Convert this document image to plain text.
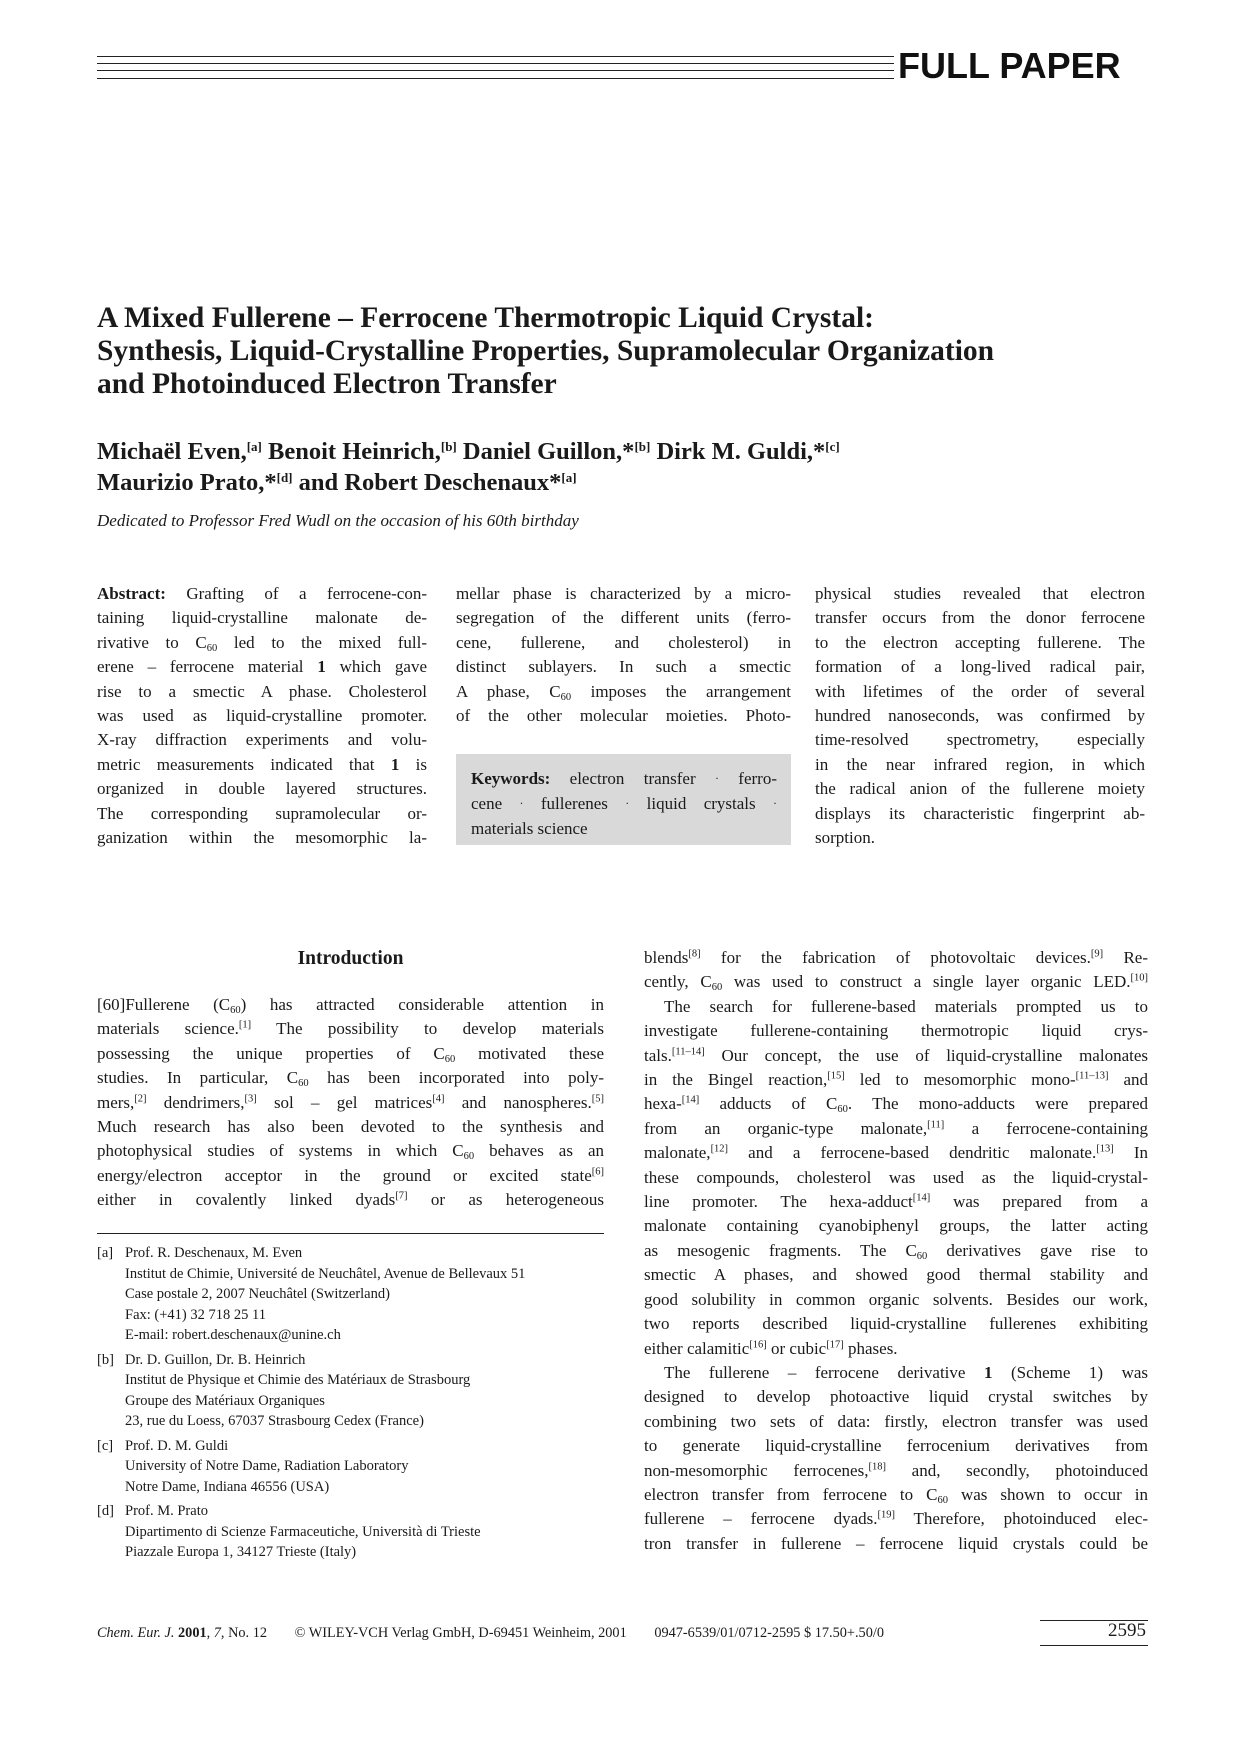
FULL PAPER
A Mixed Fullerene – Ferrocene Thermotropic Liquid Crystal:
Synthesis, Liquid-Crystalline Properties, Supramolecular Organization
and Photoinduced Electron Transfer
Michaël Even,[a] Benoit Heinrich,[b] Daniel Guillon,*[b] Dirk M. Guldi,*[c]
Maurizio Prato,*[d] and Robert Deschenaux*[a]
Dedicated to Professor Fred Wudl on the occasion of his 60th birthday
Abstract: Grafting of a ferrocene-con-
taining liquid-crystalline malonate de-
rivative to $C_{60}$ led to the mixed full-
erene – ferrocene material 1 which gave
rise to a smectic A phase. Cholesterol
was used as liquid-crystalline promoter.
X-ray diffraction experiments and volu-
metric measurements indicated that 1 is
organized in double layered structures.
The corresponding supramolecular or-
ganization within the mesomorphic la-
mellar phase is characterized by a micro-
segregation of the different units (ferro-
cene, fullerene, and cholesterol) in
distinct sublayers. In such a smectic
A phase, $C_{60}$ imposes the arrangement
of the other molecular moieties. Photo-
Keywords: electron transfer · ferro-
cene · fullerenes · liquid crystals ·
materials science
physical studies revealed that electron
transfer occurs from the donor ferrocene
to the electron accepting fullerene. The
formation of a long-lived radical pair,
with lifetimes of the order of several
hundred nanoseconds, was confirmed by
time-resolved spectrometry, especially
in the near infrared region, in which
the radical anion of the fullerene moiety
displays its characteristic fingerprint ab-
sorption.
Introduction
[60]Fullerene $(C_{60})$ has attracted considerable attention in
materials science.[1] The possibility to develop materials
possessing the unique properties of $C_{60}$ motivated these
studies. In particular, $C_{60}$ has been incorporated into poly-
mers,[2] dendrimers,[3] sol – gel matrices[4] and nanospheres.[5]
Much research has also been devoted to the synthesis and
photophysical studies of systems in which $C_{60}$ behaves as an
energy/electron acceptor in the ground or excited state[6]
either in covalently linked dyads[7] or as heterogeneous
[a] Prof. R. Deschenaux, M. Even
Institut de Chimie, Université de Neuchâtel, Avenue de Bellevaux 51
Case postale 2, 2007 Neuchâtel (Switzerland)
Fax: (+41) 32 718 25 11
E-mail: robert.deschenaux@unine.ch
[b] Dr. D. Guillon, Dr. B. Heinrich
Institut de Physique et Chimie des Matériaux de Strasbourg
Groupe des Matériaux Organiques
23, rue du Loess, 67037 Strasbourg Cedex (France)
[c] Prof. D. M. Guldi
University of Notre Dame, Radiation Laboratory
Notre Dame, Indiana 46556 (USA)
[d] Prof. M. Prato
Dipartimento di Scienze Farmaceutiche, Università di Trieste
Piazzale Europa 1, 34127 Trieste (Italy)
blends[8] for the fabrication of photovoltaic devices.[9] Re-
cently, $C_{60}$ was used to construct a single layer organic LED.[10]
The search for fullerene-based materials prompted us to
investigate fullerene-containing thermotropic liquid crys-
tals.[11–14] Our concept, the use of liquid-crystalline malonates
in the Bingel reaction,[15] led to mesomorphic mono-[11–13] and
hexa-[14] adducts of $C_{60}$. The mono-adducts were prepared
from an organic-type malonate,[11] a ferrocene-containing
malonate,[12] and a ferrocene-based dendritic malonate.[13] In
these compounds, cholesterol was used as the liquid-crystal-
line promoter. The hexa-adduct[14] was prepared from a
malonate containing cyanobiphenyl groups, the latter acting
as mesogenic fragments. The $C_{60}$ derivatives gave rise to
smectic A phases, and showed good thermal stability and
good solubility in common organic solvents. Besides our work,
two reports described liquid-crystalline fullerenes exhibiting
either calamitic[16] or cubic[17] phases.
The fullerene – ferrocene derivative 1 (Scheme 1) was
designed to develop photoactive liquid crystal switches by
combining two sets of data: firstly, electron transfer was used
to generate liquid-crystalline ferrocenium derivatives from
non-mesomorphic ferrocenes,[18] and, secondly, photoinduced
electron transfer from ferrocene to $C_{60}$ was shown to occur in
fullerene – ferrocene dyads.[19] Therefore, photoinduced elec-
tron transfer in fullerene – ferrocene liquid crystals could be
Chem. Eur. J. 2001, 7, No. 12 © WILEY-VCH Verlag GmbH, D-69451 Weinheim, 2001 0947-6539/01/0712-2595 $ 17.50+.50/0	2595
